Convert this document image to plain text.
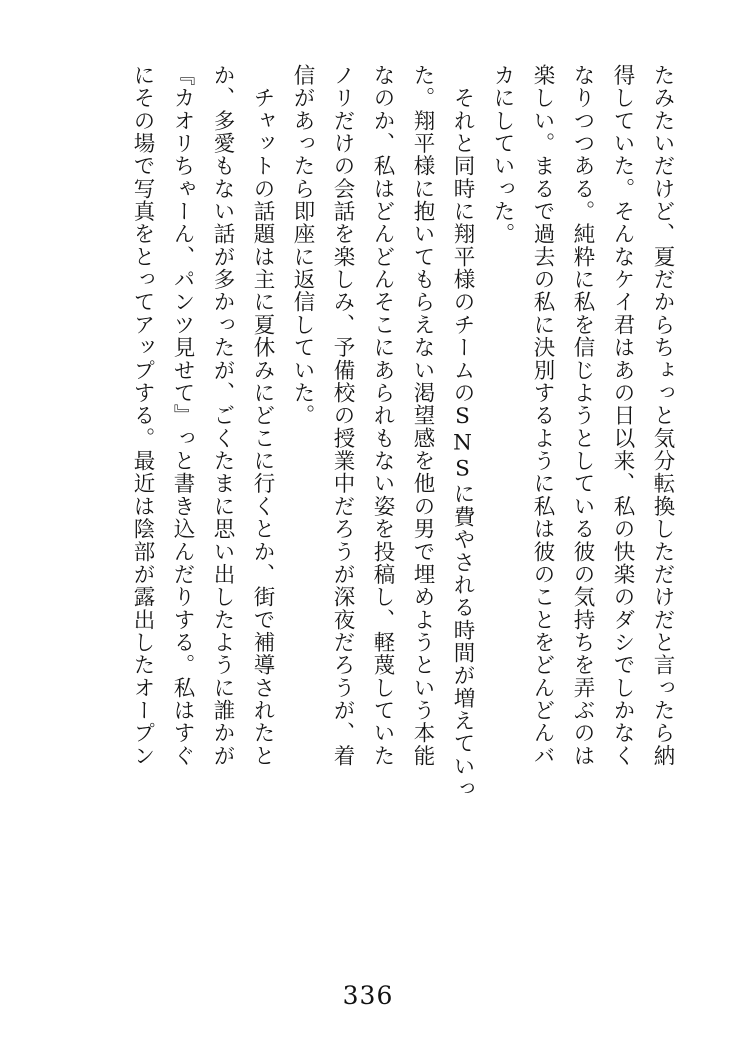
たみたいだけど、夏だからちょっと気分転換しただけだと言ったら納
得していた。そんなケイ君はあの日以来、私の快楽のダシでしかなく
なりつつある。純粋に私を信じようとしている彼の気持ちを弄ぶのは
楽しい。まるで過去の私に決別するように私は彼のことをどんどんバ
カにしていった。
　それと同時に翔平様のチームのSNSに費やされる時間が増えていっ
た。翔平様に抱いてもらえない渇望感を他の男で埋めようという本能
なのか、私はどんどんそこにあられもない姿を投稿し、軽蔑していた
ノリだけの会話を楽しみ、予備校の授業中だろうが深夜だろうが、着
信があったら即座に返信していた。
　チャットの話題は主に夏休みにどこに行くとか、街で補導されたと
か、多愛もない話が多かったが、ごくたまに思い出したように誰かが
『カオリちゃーん、パンツ見せて』っと書き込んだりする。私はすぐ
にその場で写真をとってアップする。最近は陰部が露出したオープン
336
